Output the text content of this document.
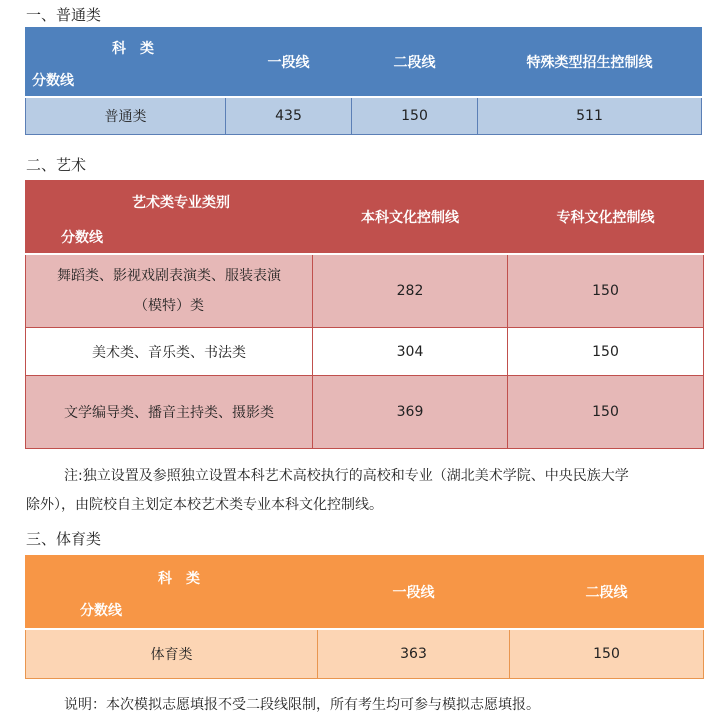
一、普通类
科　类
分数线	一段线	二段线	特殊类型招生控制线
普通类	435	150	511
二、艺术
艺术类专业类别
分数线	本科文化控制线	专科文化控制线

舞蹈类、影视戏剧表演类、服装表演
（模特）类	282	150
美术类、音乐类、书法类	304	150
文学编导类、播音主持类、摄影类	369	150
注:独立设置及参照独立设置本科艺术高校执行的高校和专业（湖北美术学院、中央民族大学
除外），由院校自主划定本校艺术类专业本科文化控制线。
三、体育类
科　类
分数线	一段线	二段线
体育类	363	150
说明：本次模拟志愿填报不受二段线限制，所有考生均可参与模拟志愿填报。
